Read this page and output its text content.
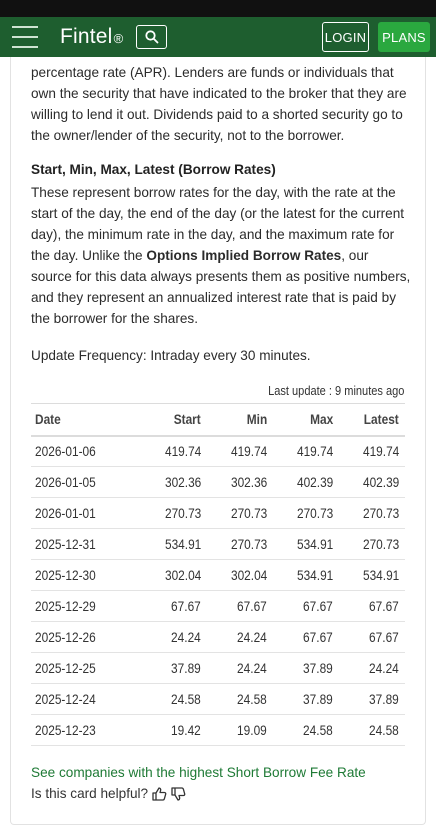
Fintel®	LOGIN	PLANS

percentage rate (APR). Lenders are funds or individuals that own the security that have indicated to the broker that they are willing to lend it out. Dividends paid to a shorted security go to the owner/lender of the security, not to the borrower.

Start, Min, Max, Latest (Borrow Rates)

These represent borrow rates for the day, with the rate at the start of the day, the end of the day (or the latest for the current day), the minimum rate in the day, and the maximum rate for the day. Unlike the Options Implied Borrow Rates, our source for this data always presents them as positive numbers, and they represent an annualized interest rate that is paid by the borrower for the shares.

Update Frequency: Intraday every 30 minutes.

Last update : 9 minutes ago
Date	Start	Min	Max	Latest
2026-01-06	419.74	419.74	419.74	419.74
2026-01-05	302.36	302.36	402.39	402.39
2026-01-01	270.73	270.73	270.73	270.73
2025-12-31	534.91	270.73	534.91	270.73
2025-12-30	302.04	302.04	534.91	534.91
2025-12-29	67.67	67.67	67.67	67.67
2025-12-26	24.24	24.24	67.67	67.67
2025-12-25	37.89	24.24	37.89	24.24
2025-12-24	24.58	24.58	37.89	37.89
2025-12-23	19.42	19.09	24.58	24.58
See companies with the highest Short Borrow Fee Rate
Is this card helpful?
